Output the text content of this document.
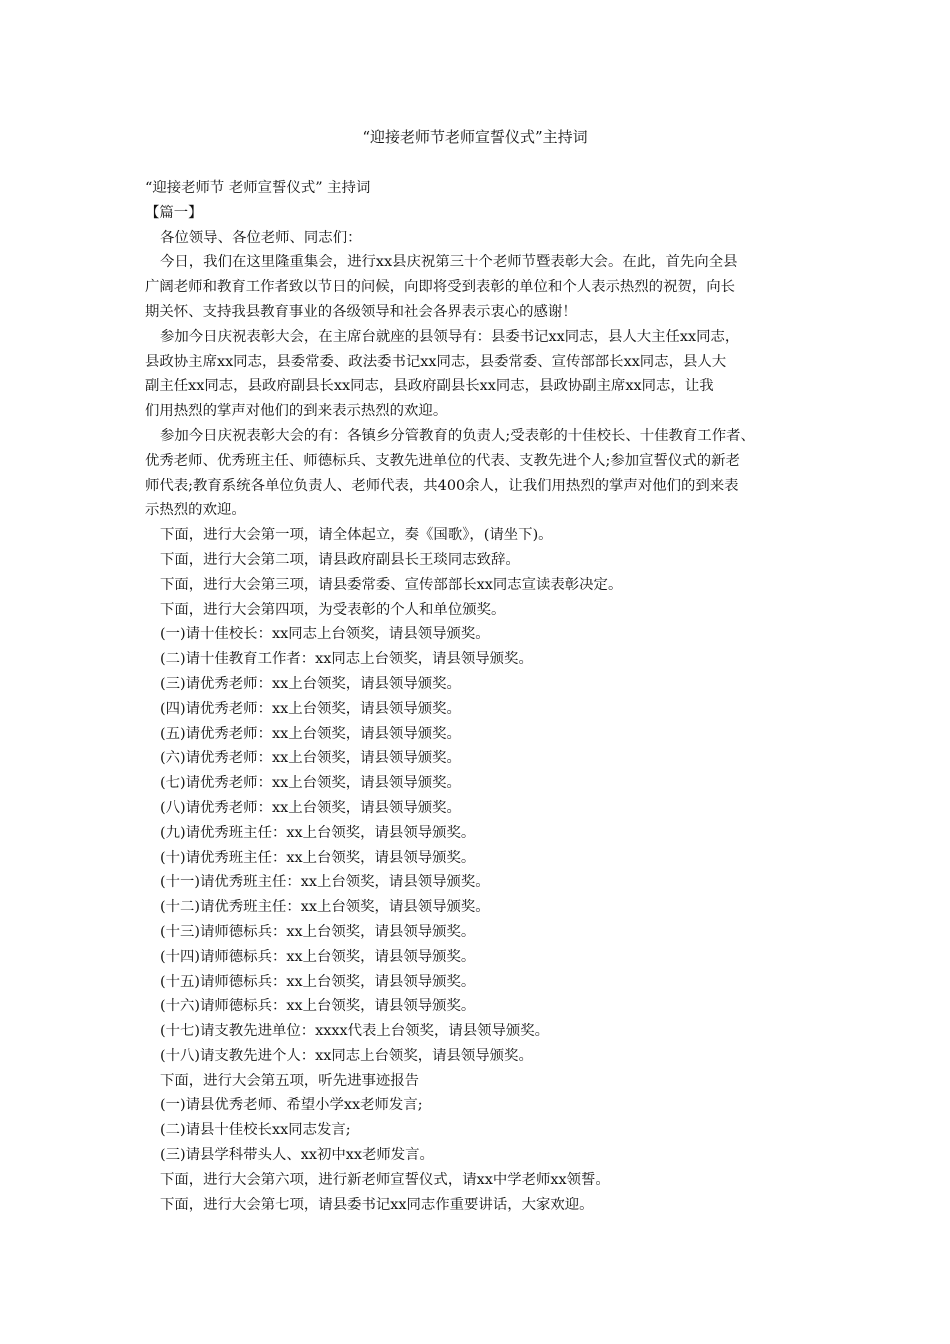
“迎接老师节老师宣誓仪式”主持词
“迎接老师节 老师宣誓仪式” 主持词
【篇一】
各位领导、各位老师、同志们：
今日，我们在这里隆重集会，进行xx县庆祝第三十个老师节暨表彰大会。在此，首先向全县
广阔老师和教育工作者致以节日的问候，向即将受到表彰的单位和个人表示热烈的祝贺，向长
期关怀、支持我县教育事业的各级领导和社会各界表示衷心的感谢！
参加今日庆祝表彰大会，在主席台就座的县领导有：县委书记xx同志，县人大主任xx同志，
县政协主席xx同志，县委常委、政法委书记xx同志，县委常委、宣传部部长xx同志，县人大
副主任xx同志，县政府副县长xx同志，县政府副县长xx同志，县政协副主席xx同志，让我
们用热烈的掌声对他们的到来表示热烈的欢迎。
参加今日庆祝表彰大会的有：各镇乡分管教育的负责人;受表彰的十佳校长、十佳教育工作者、
优秀老师、优秀班主任、师德标兵、支教先进单位的代表、支教先进个人;参加宣誓仪式的新老
师代表;教育系统各单位负责人、老师代表，共400余人，让我们用热烈的掌声对他们的到来表
示热烈的欢迎。
下面，进行大会第一项，请全体起立，奏《国歌》，(请坐下)。
下面，进行大会第二项，请县政府副县长王琰同志致辞。
下面，进行大会第三项，请县委常委、宣传部部长xx同志宣读表彰决定。
下面，进行大会第四项，为受表彰的个人和单位颁奖。
(一)请十佳校长：xx同志上台领奖，请县领导颁奖。
(二)请十佳教育工作者：xx同志上台领奖，请县领导颁奖。
(三)请优秀老师：xx上台领奖，请县领导颁奖。
(四)请优秀老师：xx上台领奖，请县领导颁奖。
(五)请优秀老师：xx上台领奖，请县领导颁奖。
(六)请优秀老师：xx上台领奖，请县领导颁奖。
(七)请优秀老师：xx上台领奖，请县领导颁奖。
(八)请优秀老师：xx上台领奖，请县领导颁奖。
(九)请优秀班主任：xx上台领奖，请县领导颁奖。
(十)请优秀班主任：xx上台领奖，请县领导颁奖。
(十一)请优秀班主任：xx上台领奖，请县领导颁奖。
(十二)请优秀班主任：xx上台领奖，请县领导颁奖。
(十三)请师德标兵：xx上台领奖，请县领导颁奖。
(十四)请师德标兵：xx上台领奖，请县领导颁奖。
(十五)请师德标兵：xx上台领奖，请县领导颁奖。
(十六)请师德标兵：xx上台领奖，请县领导颁奖。
(十七)请支教先进单位：xxxx代表上台领奖，请县领导颁奖。
(十八)请支教先进个人：xx同志上台领奖，请县领导颁奖。
下面，进行大会第五项，听先进事迹报告
(一)请县优秀老师、希望小学xx老师发言;
(二)请县十佳校长xx同志发言;
(三)请县学科带头人、xx初中xx老师发言。
下面，进行大会第六项，进行新老师宣誓仪式，请xx中学老师xx领誓。
下面，进行大会第七项，请县委书记xx同志作重要讲话，大家欢迎。
